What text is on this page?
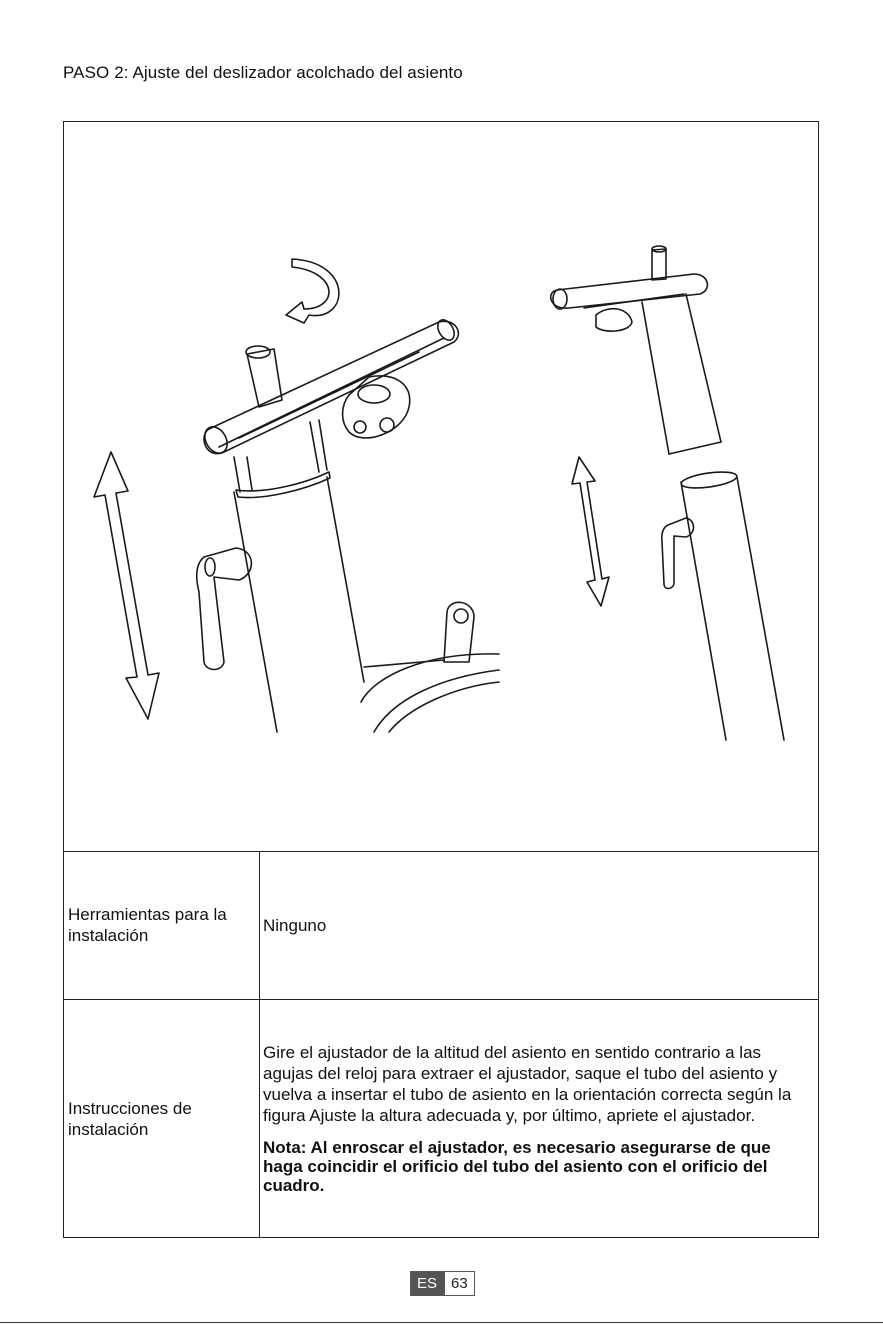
PASO 2: Ajuste del deslizador acolchado del asiento
Herramientas para la instalación

Ninguno

Instrucciones de instalación

Gire el ajustador de la altitud del asiento en sentido contrario a las agujas del reloj para extraer el ajustador, saque el tubo del asiento y vuelva a insertar el tubo de asiento en la orientación correcta según la figura Ajuste la altura adecuada y, por último, apriete el ajustador.

Nota: Al enroscar el ajustador, es necesario asegurarse de que haga coincidir el orificio del tubo del asiento con el orificio del cuadro.

ES 63
